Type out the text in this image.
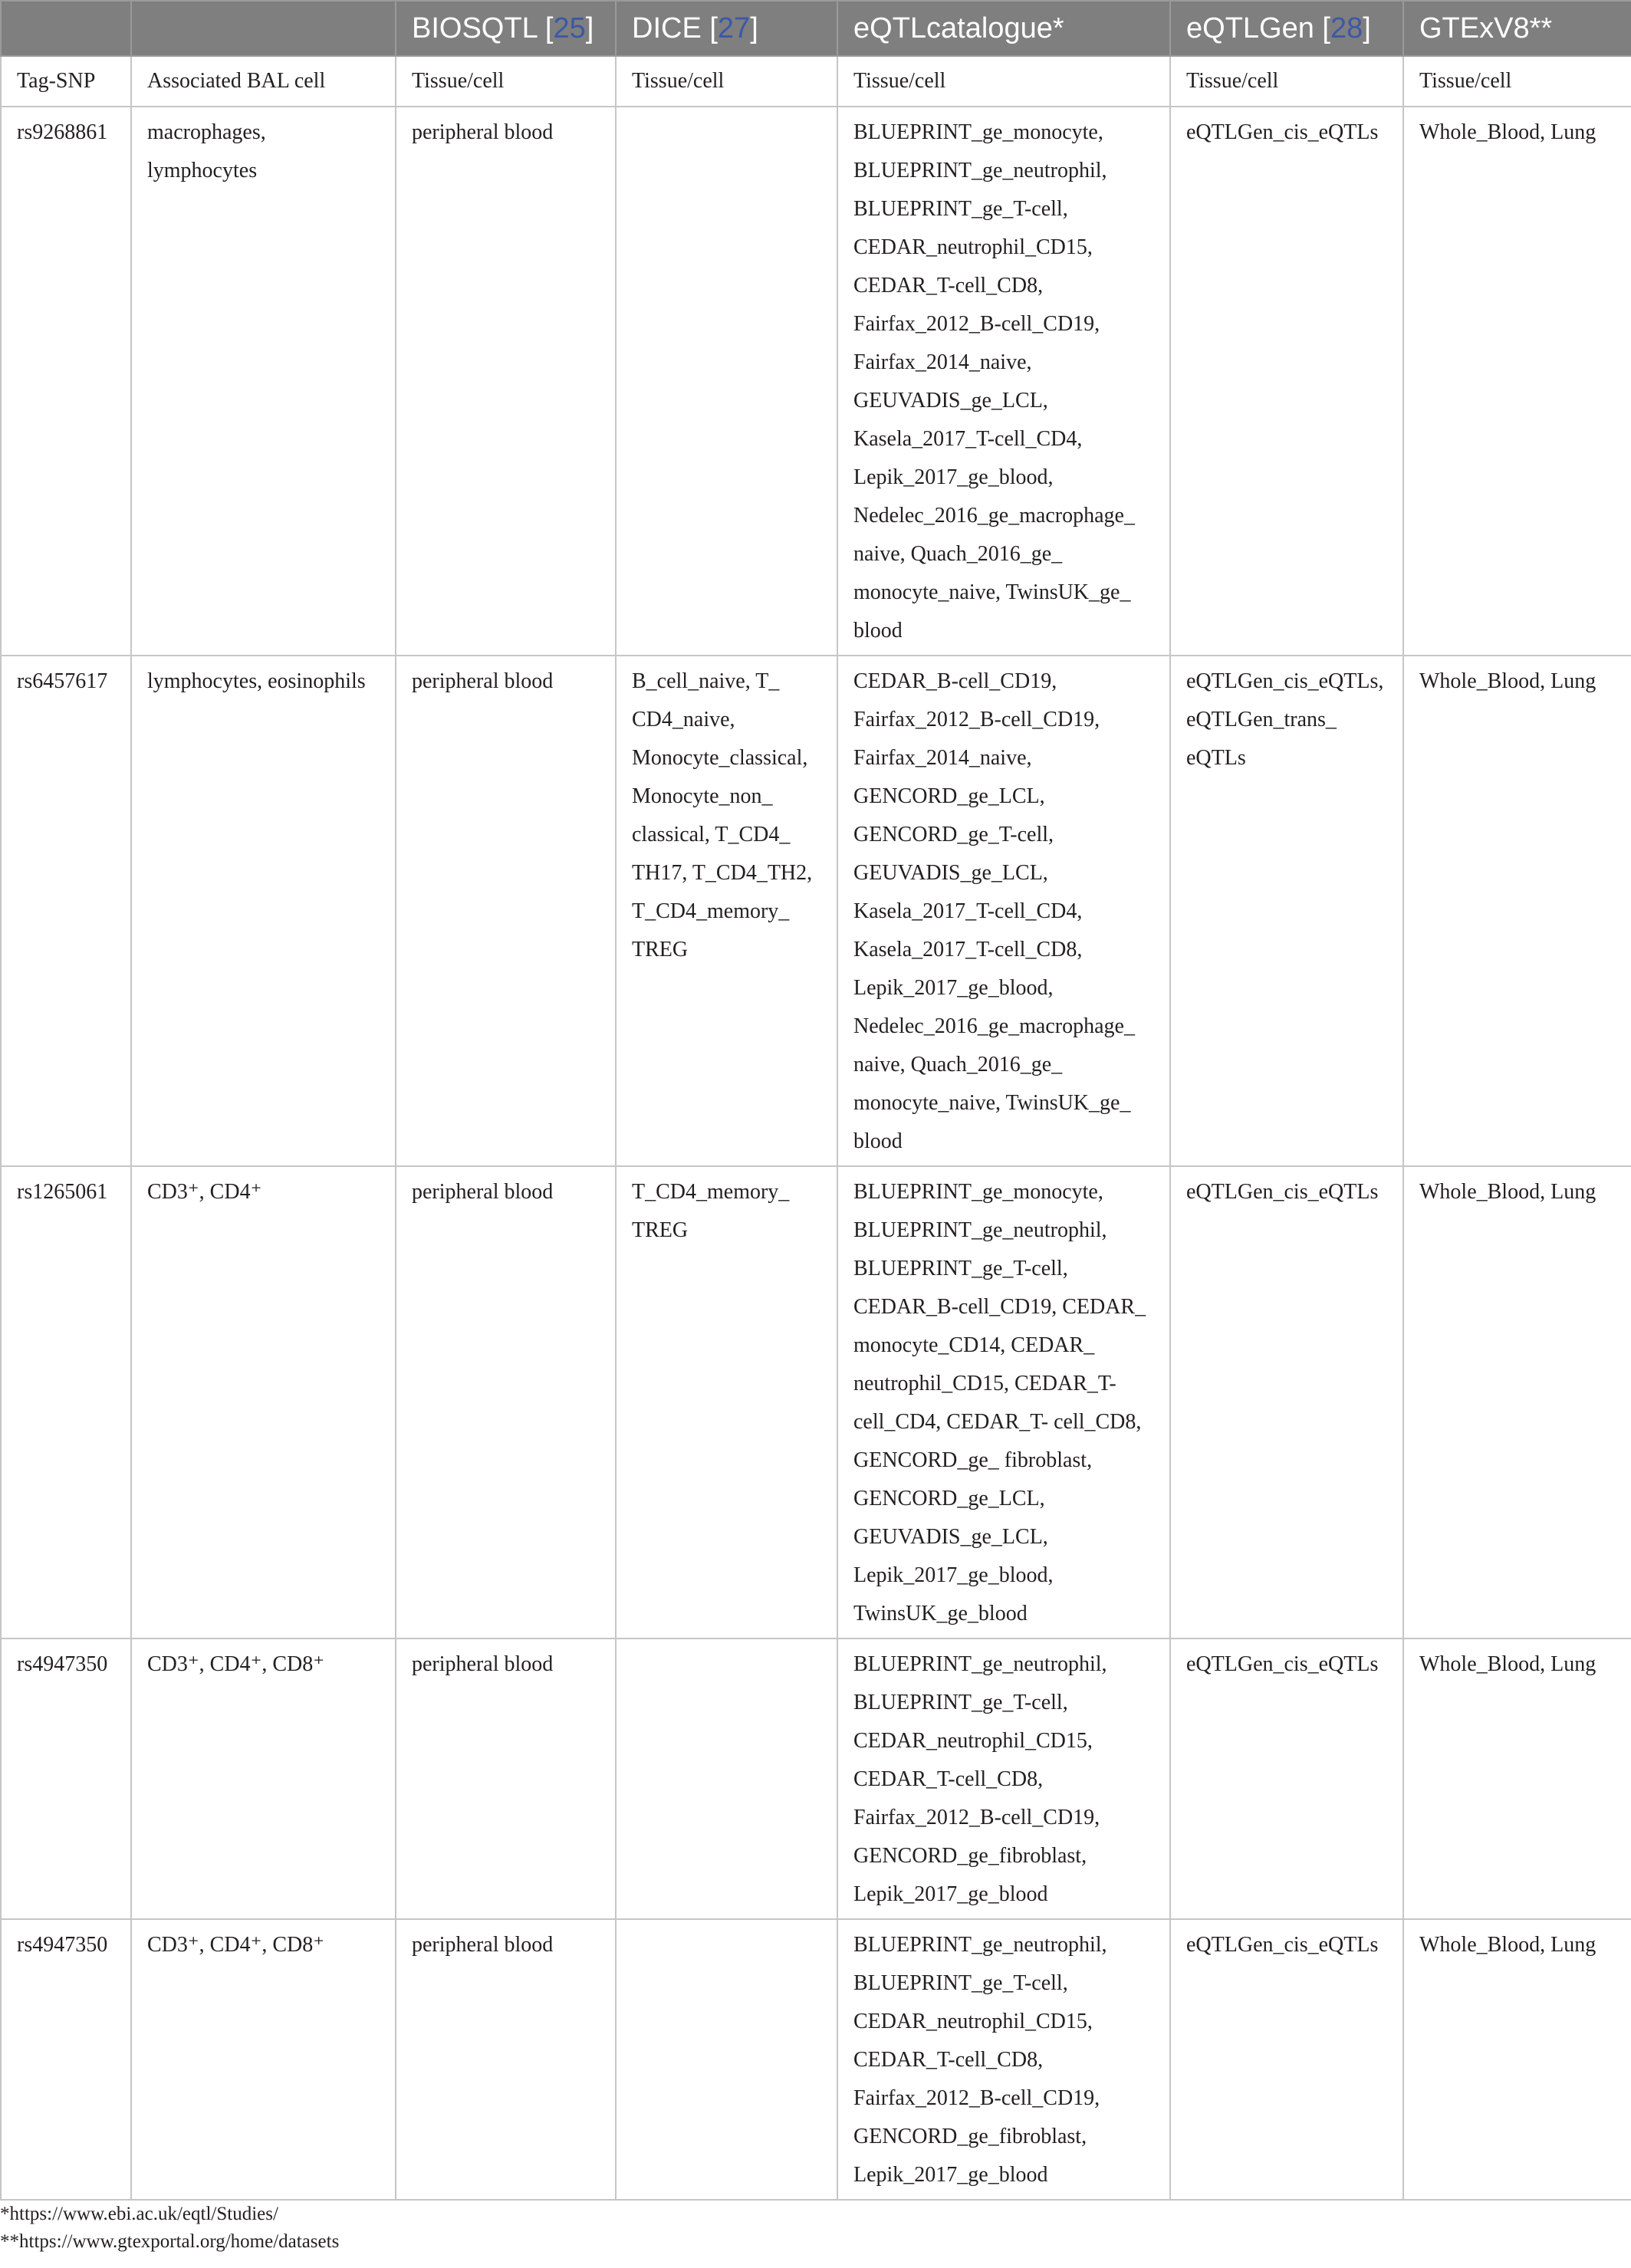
		BIOSQTL [25]	DICE [27]	eQTLcatalogue*	eQTLGen [28]	GTExV8**
Tag-SNP	Associated BAL cell	Tissue/cell	Tissue/cell	Tissue/cell	Tissue/cell	Tissue/cell
rs9268861	macrophages, lymphocytes	peripheral blood		BLUEPRINT_ge_monocyte, BLUEPRINT_ge_neutrophil, BLUEPRINT_ge_T-cell, CEDAR_neutrophil_CD15, CEDAR_T-cell_CD8, Fairfax_2012_B-cell_CD19, Fairfax_2014_naive, GEUVADIS_ge_LCL, Kasela_2017_T-cell_CD4, Lepik_2017_ge_blood, Nedelec_2016_ge_macrophage_ naive, Quach_2016_ge_ monocyte_naive, TwinsUK_ge_ blood	eQTLGen_cis_eQTLs	Whole_Blood, Lung
rs6457617	lymphocytes, eosinophils	peripheral blood	B_cell_naive, T_ CD4_naive, Monocyte_classical, Monocyte_non_ classical, T_CD4_ TH17, T_CD4_TH2, T_CD4_memory_ TREG	CEDAR_B-cell_CD19, Fairfax_2012_B-cell_CD19, Fairfax_2014_naive, GENCORD_ge_LCL, GENCORD_ge_T-cell, GEUVADIS_ge_LCL, Kasela_2017_T-cell_CD4, Kasela_2017_T-cell_CD8, Lepik_2017_ge_blood, Nedelec_2016_ge_macrophage_ naive, Quach_2016_ge_ monocyte_naive, TwinsUK_ge_ blood	eQTLGen_cis_eQTLs, eQTLGen_trans_ eQTLs	Whole_Blood, Lung
rs1265061	CD3⁺, CD4⁺	peripheral blood	T_CD4_memory_ TREG	BLUEPRINT_ge_monocyte, BLUEPRINT_ge_neutrophil, BLUEPRINT_ge_T-cell, CEDAR_B-cell_CD19, CEDAR_ monocyte_CD14, CEDAR_ neutrophil_CD15, CEDAR_T-cell_CD4, CEDAR_T- cell_CD8, GENCORD_ge_ fibroblast, GENCORD_ge_LCL, GEUVADIS_ge_LCL, Lepik_2017_ge_blood, TwinsUK_ge_blood	eQTLGen_cis_eQTLs	Whole_Blood, Lung
rs4947350	CD3⁺, CD4⁺, CD8⁺	peripheral blood		BLUEPRINT_ge_neutrophil, BLUEPRINT_ge_T-cell, CEDAR_neutrophil_CD15, CEDAR_T-cell_CD8, Fairfax_2012_B-cell_CD19, GENCORD_ge_fibroblast, Lepik_2017_ge_blood	eQTLGen_cis_eQTLs	Whole_Blood, Lung
rs4947350	CD3⁺, CD4⁺, CD8⁺	peripheral blood		BLUEPRINT_ge_neutrophil, BLUEPRINT_ge_T-cell, CEDAR_neutrophil_CD15, CEDAR_T-cell_CD8, Fairfax_2012_B-cell_CD19, GENCORD_ge_fibroblast, Lepik_2017_ge_blood	eQTLGen_cis_eQTLs	Whole_Blood, Lung
*https://www.ebi.ac.uk/eqtl/Studies/
**https://www.gtexportal.org/home/datasets
